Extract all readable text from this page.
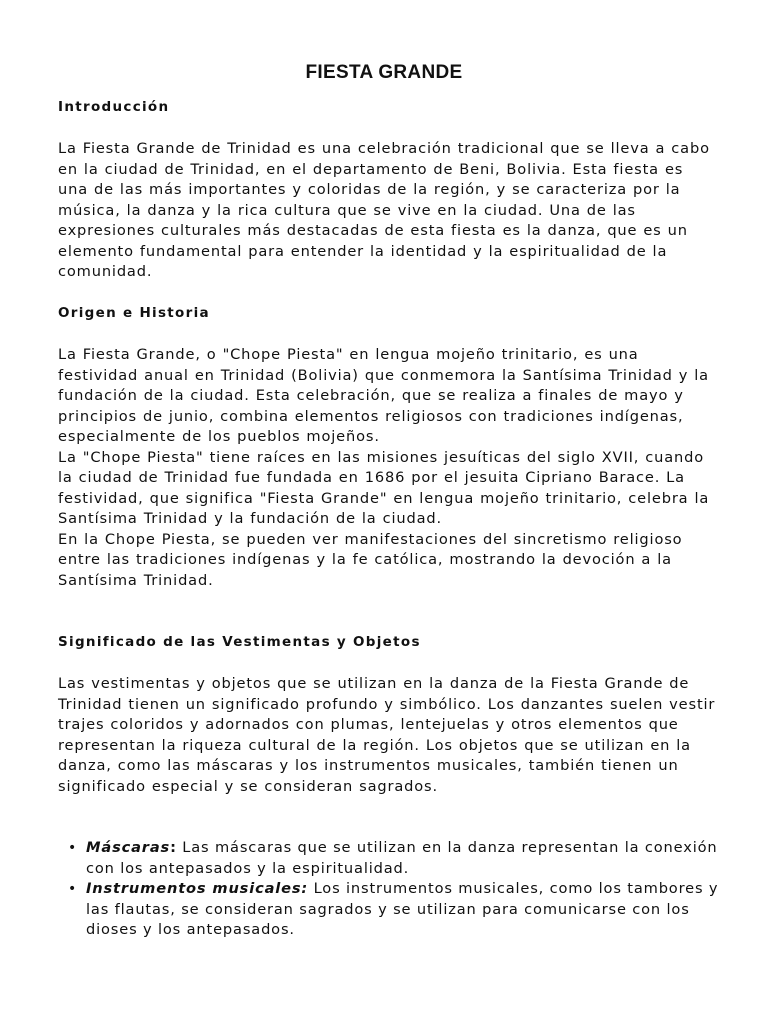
FIESTA GRANDE
Introducción

La Fiesta Grande de Trinidad es una celebración tradicional que se lleva a cabo en la ciudad de Trinidad, en el departamento de Beni, Bolivia. Esta fiesta es una de las más importantes y coloridas de la región, y se caracteriza por la música, la danza y la rica cultura que se vive en la ciudad. Una de las expresiones culturales más destacadas de esta fiesta es la danza, que es un elemento fundamental para entender la identidad y la espiritualidad de la comunidad.

Origen e Historia

La Fiesta Grande, o "Chope Piesta" en lengua mojeño trinitario, es una festividad anual en Trinidad (Bolivia) que conmemora la Santísima Trinidad y la fundación de la ciudad. Esta celebración, que se realiza a finales de mayo y principios de junio, combina elementos religiosos con tradiciones indígenas, especialmente de los pueblos mojeños.

La "Chope Piesta" tiene raíces en las misiones jesuíticas del siglo XVII, cuando la ciudad de Trinidad fue fundada en 1686 por el jesuita Cipriano Barace. La festividad, que significa "Fiesta Grande" en lengua mojeño trinitario, celebra la Santísima Trinidad y la fundación de la ciudad.

En la Chope Piesta, se pueden ver manifestaciones del sincretismo religioso entre las tradiciones indígenas y la fe católica, mostrando la devoción a la Santísima Trinidad.

Significado de las Vestimentas y Objetos

Las vestimentas y objetos que se utilizan en la danza de la Fiesta Grande de Trinidad tienen un significado profundo y simbólico. Los danzantes suelen vestir trajes coloridos y adornados con plumas, lentejuelas y otros elementos que representan la riqueza cultural de la región. Los objetos que se utilizan en la danza, como las máscaras y los instrumentos musicales, también tienen un significado especial y se consideran sagrados.

• Máscaras: Las máscaras que se utilizan en la danza representan la conexión con los antepasados y la espiritualidad.
• Instrumentos musicales: Los instrumentos musicales, como los tambores y las flautas, se consideran sagrados y se utilizan para comunicarse con los dioses y los antepasados.
